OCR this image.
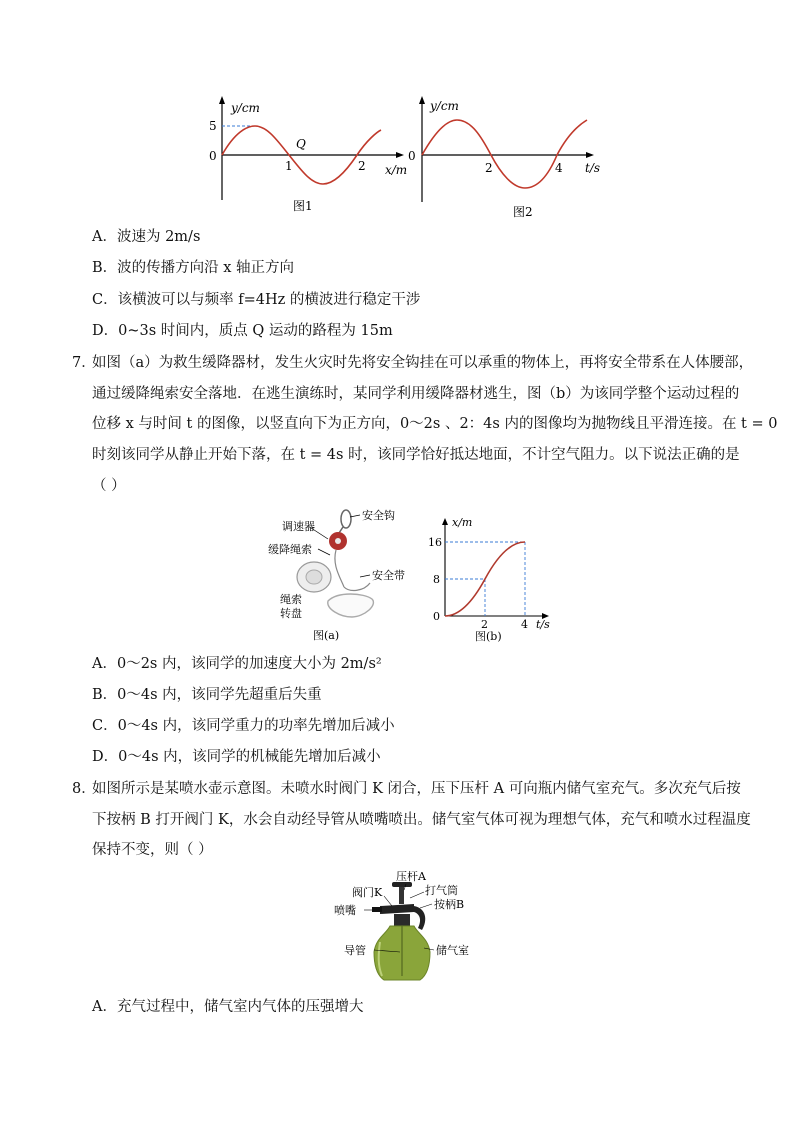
y/cm
5
0
Q
1	2 x/m
图1
y/cm
0
2	4 t/s
图2
A．波速为 2m/s
B．波的传播方向沿 x 轴正方向
C．该横波可以与频率 f=4Hz 的横波进行稳定干涉
D．0~3s 时间内，质点 Q 运动的路程为 15m
7．
如图（a）为救生缓降器材，发生火灾时先将安全钩挂在可以承重的物体上，再将安全带系在人体腰部，
通过缓降绳索安全落地．在逃生演练时，某同学利用缓降器材逃生，图（b）为该同学整个运动过程的
位移 x 与时间 t 的图像，以竖直向下为正方向，0～2s 、2：4s 内的图像均为抛物线且平滑连接。在 t = 0
时刻该同学从静止开始下落，在 t = 4s 时，该同学恰好抵达地面，不计空气阻力。以下说法正确的是
（ ）
调速器
安全钩
缓降绳索
安全带
绳索
转盘
图(a)
x/m
16
8
0
2	4 t/s
图(b)
A．0～2s 内，该同学的加速度大小为 2m/s²
B．0～4s 内，该同学先超重后失重
C．0～4s 内，该同学重力的功率先增加后减小
D．0～4s 内，该同学的机械能先增加后减小
8．
如图所示是某喷水壶示意图。未喷水时阀门 K 闭合，压下压杆 A 可向瓶内储气室充气。多次充气后按
下按柄 B 打开阀门 K，水会自动经导管从喷嘴喷出。储气室气体可视为理想气体，充气和喷水过程温度
保持不变，则（ ）
阀门K
压杆A
喷嘴
打气筒
按柄B
导管	储气室
A．充气过程中，储气室内气体的压强增大
